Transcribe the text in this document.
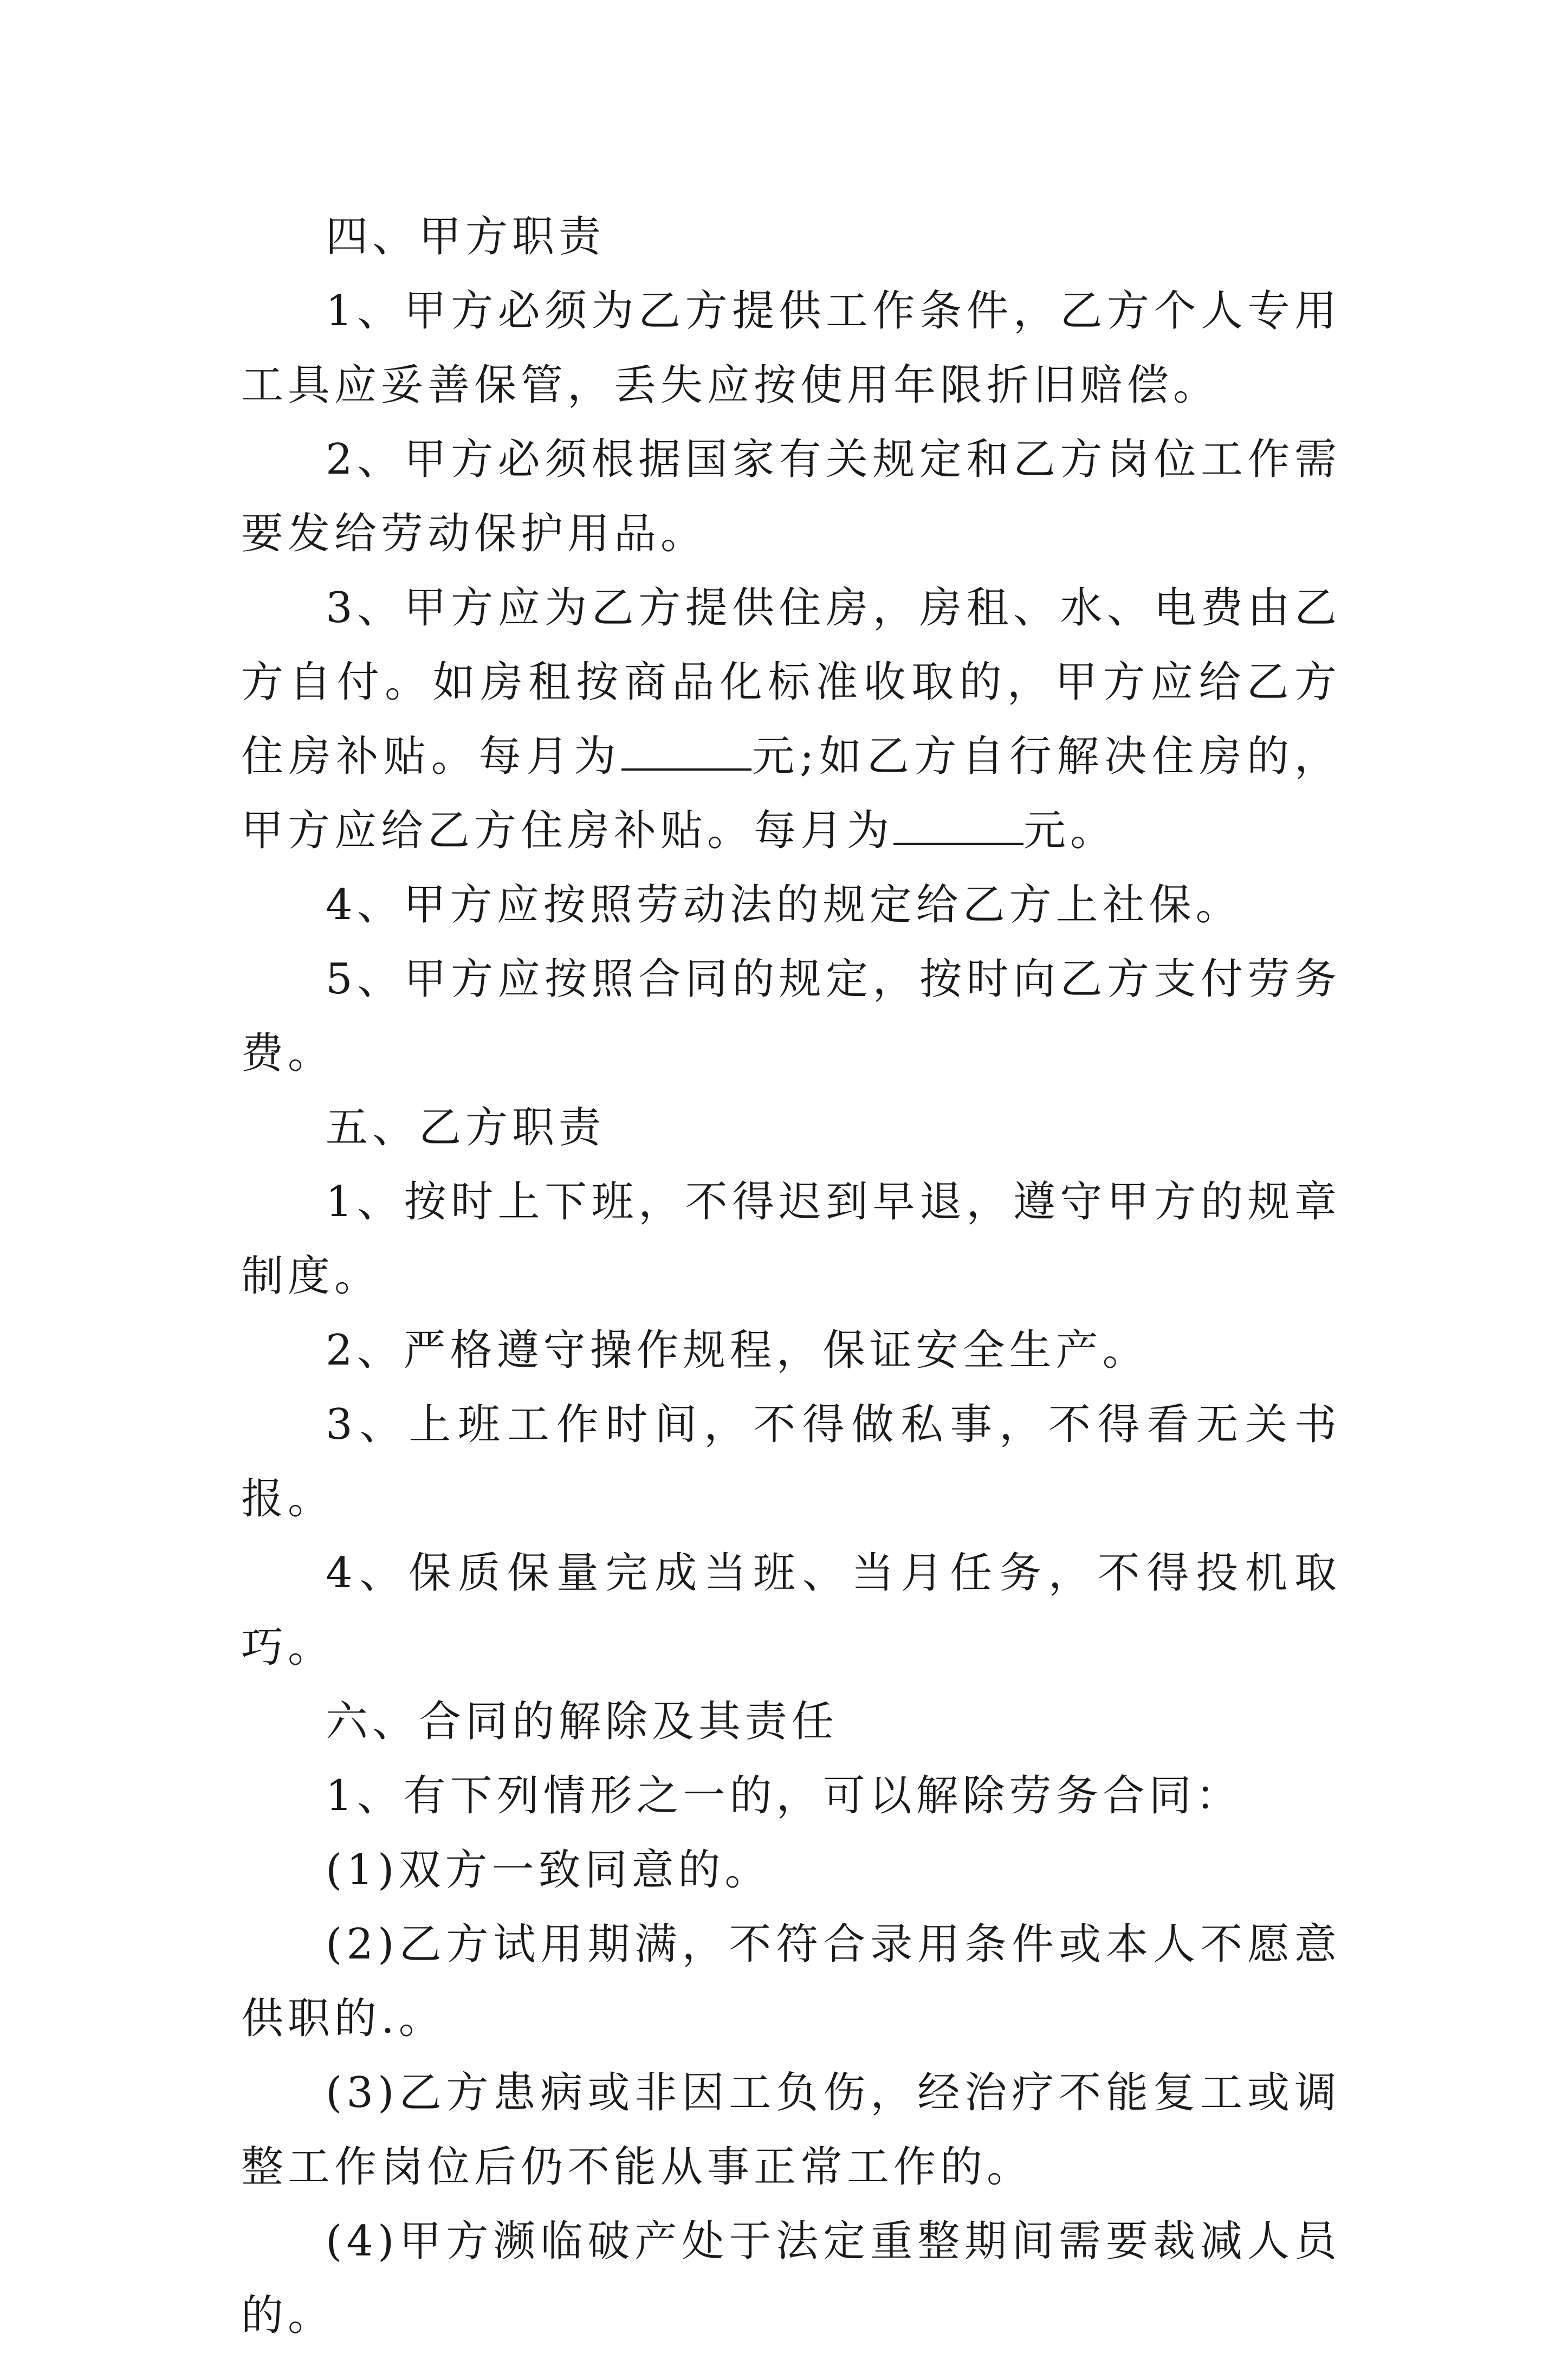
四、甲方职责

1、甲方必须为乙方提供工作条件，乙方个人专用工具应妥善保管，丢失应按使用年限折旧赔偿。

2、甲方必须根据国家有关规定和乙方岗位工作需要发给劳动保护用品。

3、甲方应为乙方提供住房，房租、水、电费由乙方自付。如房租按商品化标准收取的，甲方应给乙方住房补贴。每月为	元;如乙方自行解决住房的，甲方应给乙方住房补贴。每月为	元。

4、甲方应按照劳动法的规定给乙方上社保。

5、甲方应按照合同的规定，按时向乙方支付劳务费。

五、乙方职责

1、按时上下班，不得迟到早退，遵守甲方的规章制度。

2、严格遵守操作规程，保证安全生产。

3、上班工作时间，不得做私事，不得看无关书报。

4、保质保量完成当班、当月任务，不得投机取巧。

六、合同的解除及其责任

1、有下列情形之一的，可以解除劳务合同：

(1)双方一致同意的。

(2)乙方试用期满，不符合录用条件或本人不愿意供职的.。

(3)乙方患病或非因工负伤，经治疗不能复工或调整工作岗位后仍不能从事正常工作的。

(4)甲方濒临破产处于法定重整期间需要裁减人员的。
